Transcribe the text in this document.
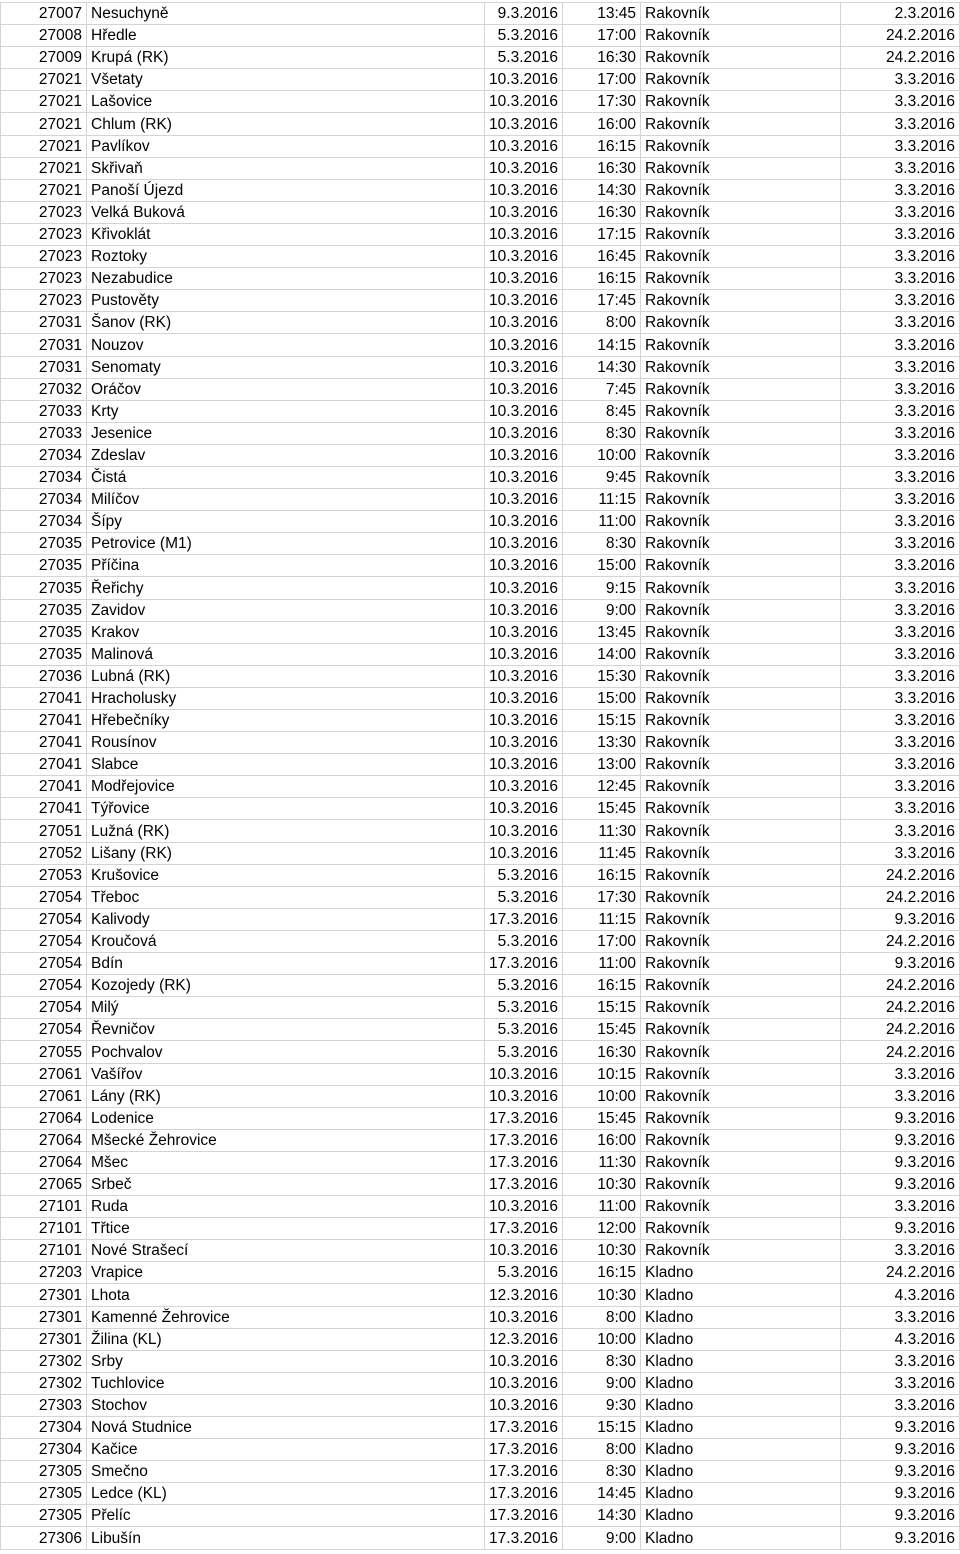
27007	Nesuchyně	9.3.2016	13:45	Rakovník	2.3.2016
27008	Hředle	5.3.2016	17:00	Rakovník	24.2.2016
27009	Krupá (RK)	5.3.2016	16:30	Rakovník	24.2.2016
27021	Všetaty	10.3.2016	17:00	Rakovník	3.3.2016
27021	Lašovice	10.3.2016	17:30	Rakovník	3.3.2016
27021	Chlum (RK)	10.3.2016	16:00	Rakovník	3.3.2016
27021	Pavlíkov	10.3.2016	16:15	Rakovník	3.3.2016
27021	Skřivaň	10.3.2016	16:30	Rakovník	3.3.2016
27021	Panoší Újezd	10.3.2016	14:30	Rakovník	3.3.2016
27023	Velká Buková	10.3.2016	16:30	Rakovník	3.3.2016
27023	Křivoklát	10.3.2016	17:15	Rakovník	3.3.2016
27023	Roztoky	10.3.2016	16:45	Rakovník	3.3.2016
27023	Nezabudice	10.3.2016	16:15	Rakovník	3.3.2016
27023	Pustověty	10.3.2016	17:45	Rakovník	3.3.2016
27031	Šanov (RK)	10.3.2016	8:00	Rakovník	3.3.2016
27031	Nouzov	10.3.2016	14:15	Rakovník	3.3.2016
27031	Senomaty	10.3.2016	14:30	Rakovník	3.3.2016
27032	Oráčov	10.3.2016	7:45	Rakovník	3.3.2016
27033	Krty	10.3.2016	8:45	Rakovník	3.3.2016
27033	Jesenice	10.3.2016	8:30	Rakovník	3.3.2016
27034	Zdeslav	10.3.2016	10:00	Rakovník	3.3.2016
27034	Čistá	10.3.2016	9:45	Rakovník	3.3.2016
27034	Milíčov	10.3.2016	11:15	Rakovník	3.3.2016
27034	Šípy	10.3.2016	11:00	Rakovník	3.3.2016
27035	Petrovice (M1)	10.3.2016	8:30	Rakovník	3.3.2016
27035	Příčina	10.3.2016	15:00	Rakovník	3.3.2016
27035	Řeřichy	10.3.2016	9:15	Rakovník	3.3.2016
27035	Zavidov	10.3.2016	9:00	Rakovník	3.3.2016
27035	Krakov	10.3.2016	13:45	Rakovník	3.3.2016
27035	Malinová	10.3.2016	14:00	Rakovník	3.3.2016
27036	Lubná (RK)	10.3.2016	15:30	Rakovník	3.3.2016
27041	Hracholusky	10.3.2016	15:00	Rakovník	3.3.2016
27041	Hřebečníky	10.3.2016	15:15	Rakovník	3.3.2016
27041	Rousínov	10.3.2016	13:30	Rakovník	3.3.2016
27041	Slabce	10.3.2016	13:00	Rakovník	3.3.2016
27041	Modřejovice	10.3.2016	12:45	Rakovník	3.3.2016
27041	Týřovice	10.3.2016	15:45	Rakovník	3.3.2016
27051	Lužná (RK)	10.3.2016	11:30	Rakovník	3.3.2016
27052	Lišany (RK)	10.3.2016	11:45	Rakovník	3.3.2016
27053	Krušovice	5.3.2016	16:15	Rakovník	24.2.2016
27054	Třeboc	5.3.2016	17:30	Rakovník	24.2.2016
27054	Kalivody	17.3.2016	11:15	Rakovník	9.3.2016
27054	Kroučová	5.3.2016	17:00	Rakovník	24.2.2016
27054	Bdín	17.3.2016	11:00	Rakovník	9.3.2016
27054	Kozojedy (RK)	5.3.2016	16:15	Rakovník	24.2.2016
27054	Milý	5.3.2016	15:15	Rakovník	24.2.2016
27054	Řevničov	5.3.2016	15:45	Rakovník	24.2.2016
27055	Pochvalov	5.3.2016	16:30	Rakovník	24.2.2016
27061	Vašířov	10.3.2016	10:15	Rakovník	3.3.2016
27061	Lány (RK)	10.3.2016	10:00	Rakovník	3.3.2016
27064	Lodenice	17.3.2016	15:45	Rakovník	9.3.2016
27064	Mšecké Žehrovice	17.3.2016	16:00	Rakovník	9.3.2016
27064	Mšec	17.3.2016	11:30	Rakovník	9.3.2016
27065	Srbeč	17.3.2016	10:30	Rakovník	9.3.2016
27101	Ruda	10.3.2016	11:00	Rakovník	3.3.2016
27101	Třtice	17.3.2016	12:00	Rakovník	9.3.2016
27101	Nové Strašecí	10.3.2016	10:30	Rakovník	3.3.2016
27203	Vrapice	5.3.2016	16:15	Kladno	24.2.2016
27301	Lhota	12.3.2016	10:30	Kladno	4.3.2016
27301	Kamenné Žehrovice	10.3.2016	8:00	Kladno	3.3.2016
27301	Žilina (KL)	12.3.2016	10:00	Kladno	4.3.2016
27302	Srby	10.3.2016	8:30	Kladno	3.3.2016
27302	Tuchlovice	10.3.2016	9:00	Kladno	3.3.2016
27303	Stochov	10.3.2016	9:30	Kladno	3.3.2016
27304	Nová Studnice	17.3.2016	15:15	Kladno	9.3.2016
27304	Kačice	17.3.2016	8:00	Kladno	9.3.2016
27305	Smečno	17.3.2016	8:30	Kladno	9.3.2016
27305	Ledce (KL)	17.3.2016	14:45	Kladno	9.3.2016
27305	Přelíc	17.3.2016	14:30	Kladno	9.3.2016
27306	Libušín	17.3.2016	9:00	Kladno	9.3.2016
